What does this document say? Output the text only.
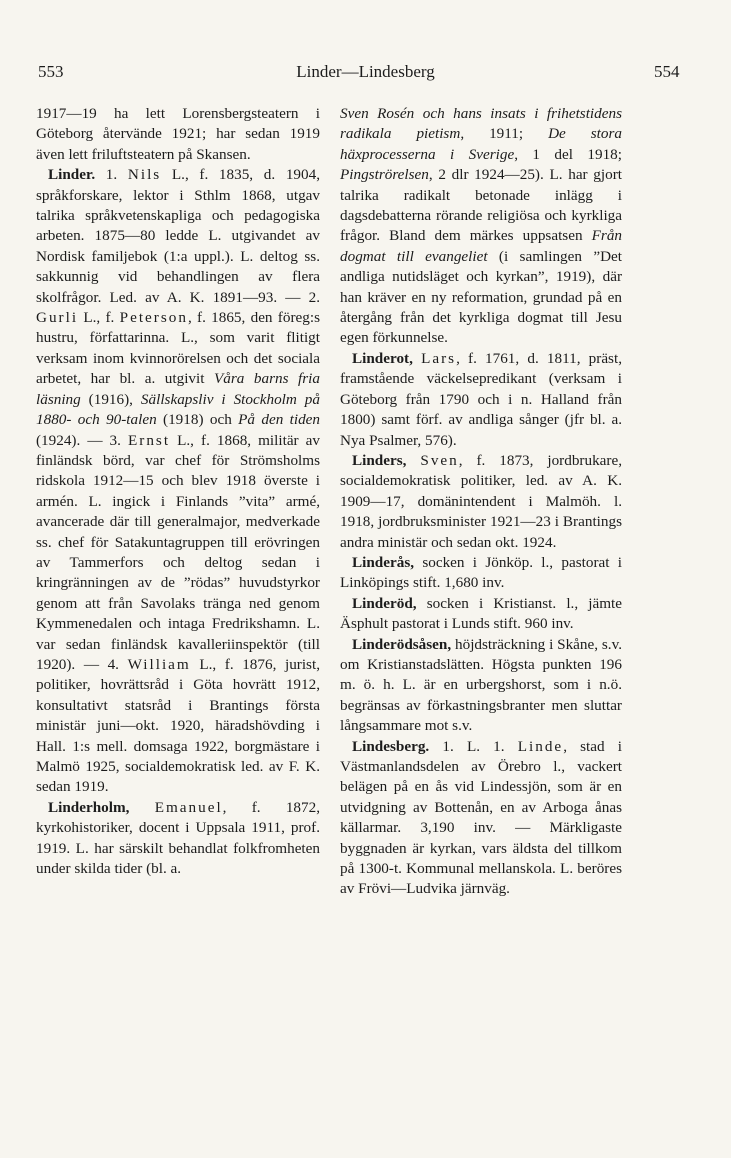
553	Linder—Lindesberg	554

1917—19 ha lett Lorensbergsteatern i Göteborg återvände 1921; har sedan 1919 även lett friluftsteatern på Skansen.

Linder. 1. Nils L., f. 1835, d. 1904, språkforskare, lektor i Sthlm 1868, utgav talrika språkvetenskapliga och pedagogiska arbeten. 1875—80 ledde L. utgivandet av Nordisk familjebok (1:a uppl.). L. deltog ss. sakkunnig vid behandlingen av flera skolfrågor. Led. av A. K. 1891—93. — 2. Gurli L., f. Peterson, f. 1865, den föreg:s hustru, författarinna. L., som varit flitigt verksam inom kvinnorörelsen och det sociala arbetet, har bl. a. utgivit Våra barns fria läsning (1916), Sällskapsliv i Stockholm på 1880- och 90-talen (1918) och På den tiden (1924). — 3. Ernst L., f. 1868, militär av finländsk börd, var chef för Strömsholms ridskola 1912—15 och blev 1918 överste i armén. L. ingick i Finlands ”vita” armé, avancerade där till generalmajor, medverkade ss. chef för Satakuntagruppen till erövringen av Tammerfors och deltog sedan i kringränningen av de ”rödas” huvudstyrkor genom att från Savolaks tränga ned genom Kymmenedalen och intaga Fredrikshamn. L. var sedan finländsk kavalleriinspektör (till 1920). — 4. William L., f. 1876, jurist, politiker, hovrättsråd i Göta hovrätt 1912, konsultativt statsråd i Brantings första ministär juni—okt. 1920, häradshövding i Hall. 1:s mell. domsaga 1922, borgmästare i Malmö 1925, socialdemokratisk led. av F. K. sedan 1919.

Linderholm, Emanuel, f. 1872, kyrkohistoriker, docent i Uppsala 1911, prof. 1919. L. har särskilt behandlat folkfromheten under skilda tider (bl. a.

Sven Rosén och hans insats i frihetstidens radikala pietism, 1911; De stora häxprocesserna i Sverige, 1 del 1918; Pingströrelsen, 2 dlr 1924—25). L. har gjort talrika radikalt betonade inlägg i dagsdebatterna rörande religiösa och kyrkliga frågor. Bland dem märkes uppsatsen Från dogmat till evangeliet (i samlingen ”Det andliga nutidsläget och kyrkan”, 1919), där han kräver en ny reformation, grundad på en återgång från det kyrkliga dogmat till Jesu egen förkunnelse.

Linderot, Lars, f. 1761, d. 1811, präst, framstående väckelsepredikant (verksam i Göteborg från 1790 och i n. Halland från 1800) samt förf. av andliga sånger (jfr bl. a. Nya Psalmer, 576).

Linders, Sven, f. 1873, jordbrukare, socialdemokratisk politiker, led. av A. K. 1909—17, domänintendent i Malmöh. l. 1918, jordbruksminister 1921—23 i Brantings andra ministär och sedan okt. 1924.

Linderås, socken i Jönköp. l., pastorat i Linköpings stift. 1,680 inv.

Linderöd, socken i Kristianst. l., jämte Äsphult pastorat i Lunds stift. 960 inv.

Linderödsåsen, höjdsträckning i Skåne, s.v. om Kristianstadslätten. Högsta punkten 196 m. ö. h. L. är en urbergshorst, som i n.ö. begränsas av förkastningsbranter men sluttar långsammare mot s.v.

Lindesberg. 1. L. 1. Linde, stad i Västmanlandsdelen av Örebro l., vackert belägen på en ås vid Lindessjön, som är en utvidgning av Bottenån, en av Arboga ånas källarmar. 3,190 inv. — Märkligaste byggnaden är kyrkan, vars äldsta del tillkom på 1300-t. Kommunal mellanskola. L. beröres av Frövi—Ludvika järnväg.
